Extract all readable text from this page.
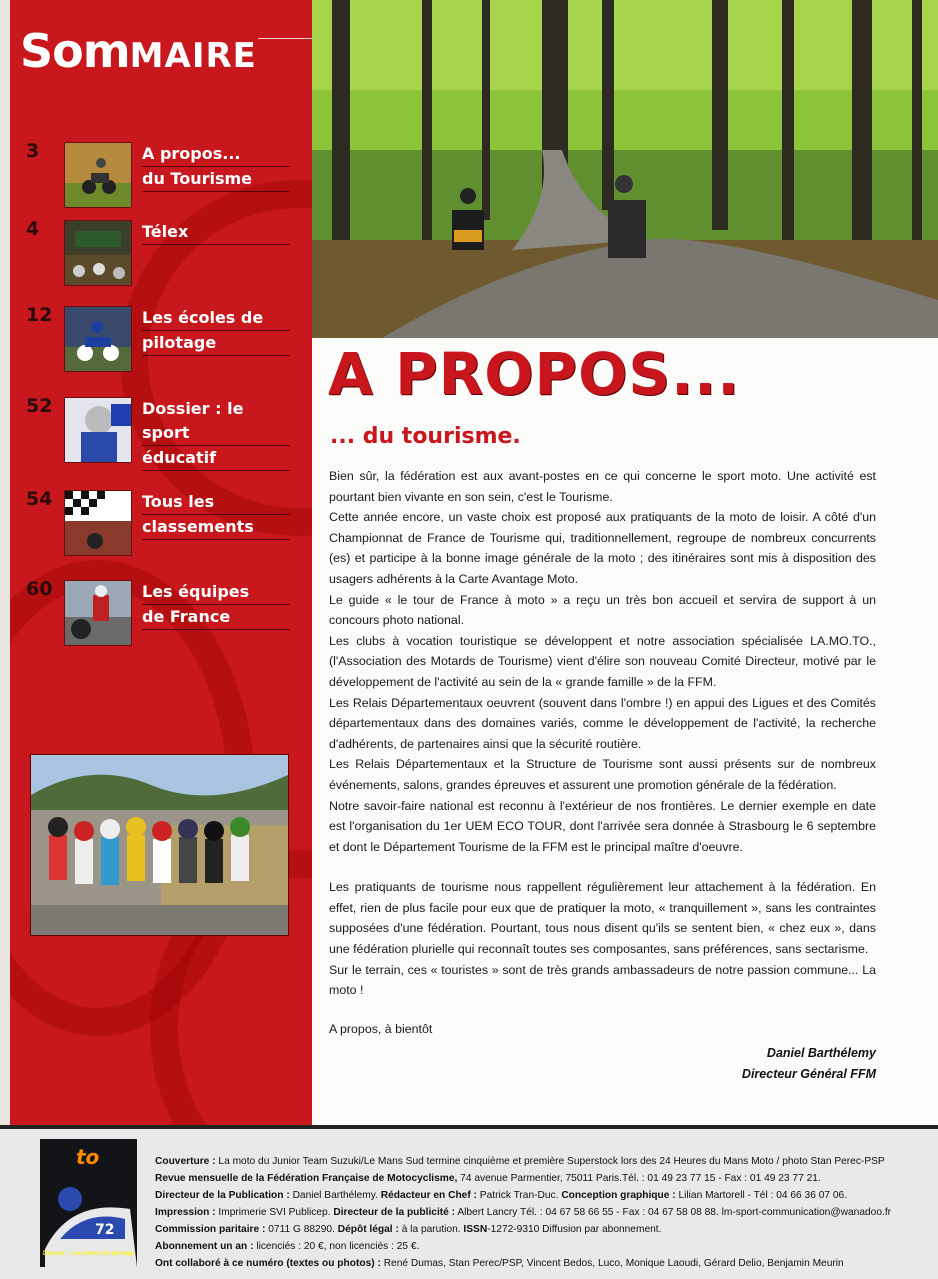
SomMAIRE
3	A propos...
du Tourisme
4	Télex
12	Les écoles de
pilotage
52	Dossier : le sport
éducatif
54	Tous les
classements
60	Les équipes
de France
A PROPOS...
... du tourisme.

Bien sûr, la fédération est aux avant-postes en ce qui concerne le sport moto. Une activité est pourtant bien vivante en son sein, c'est le Tourisme.

Cette année encore, un vaste choix est proposé aux pratiquants de la moto de loisir. A côté d'un Championnat de France de Tourisme qui, traditionnellement, regroupe de nombreux concurrents (es) et participe à la bonne image générale de la moto ; des itinéraires sont mis à disposition des usagers adhérents à la Carte Avantage Moto.

Le guide « le tour de France à moto » a reçu un très bon accueil et servira de support à un concours photo national.

Les clubs à vocation touristique se développent et notre association spécialisée LA.MO.TO., (l'Association des Motards de Tourisme) vient d'élire son nouveau Comité Directeur, motivé par le développement de l'activité au sein de la « grande famille » de la FFM.

Les Relais Départementaux oeuvrent (souvent dans l'ombre !) en appui des Ligues et des Comités départementaux dans des domaines variés, comme le développement de l'activité, la recherche d'adhérents, de partenaires ainsi que la sécurité routière.

Les Relais Départementaux et la Structure de Tourisme sont aussi présents sur de nombreux événements, salons, grandes épreuves et assurent une promotion générale de la fédération.

Notre savoir-faire national est reconnu à l'extérieur de nos frontières. Le dernier exemple en date est l'organisation du 1er UEM ECO TOUR, dont l'arrivée sera donnée à Strasbourg le 6 septembre et dont le Département Tourisme de la FFM est le principal maître d'oeuvre.

Les pratiquants de tourisme nous rappellent régulièrement leur attachement à la fédération. En effet, rien de plus facile pour eux que de pratiquer la moto, « tranquillement », sans les contraintes supposées d'une fédération. Pourtant, tous nous disent qu'ils se sentent bien, « chez eux », dans une fédération plurielle qui reconnaît toutes ses composantes, sans préférences, sans sectarisme.

Sur le terrain, ces « touristes » sont de très grands ambassadeurs de notre passion commune... La moto !

A propos, à bientôt
Daniel Barthélemy
Directeur Général FFM
72
to
Dossier : Les écoles de pilotage
Couverture : La moto du Junior Team Suzuki/Le Mans Sud termine cinquième et première Superstock lors des 24 Heures du Mans Moto / photo Stan Perec-PSP
Revue mensuelle de la Fédération Française de Motocyclisme, 74 avenue Parmentier, 75011 Paris.Tél. : 01 49 23 77 15 - Fax : 01 49 23 77 21.
Directeur de la Publication : Daniel Barthélemy. Rédacteur en Chef : Patrick Tran-Duc. Conception graphique : Lilian Martorell - Tél : 04 66 36 07 06.
Impression : Imprimerie SVI Publicep. Directeur de la publicité : Albert Lancry Tél. : 04 67 58 66 55 - Fax : 04 67 58 08 88. lm-sport-communication@wanadoo.fr
Commission paritaire : 0711 G 88290. Dépôt légal : à la parution. ISSN-1272-9310 Diffusion par abonnement.
Abonnement un an : licenciés : 20 €, non licenciés : 25 €.
Ont collaboré à ce numéro (textes ou photos) : René Dumas, Stan Perec/PSP, Vincent Bedos, Luco, Monique Laoudi, Gérard Delio, Benjamin Meurin
